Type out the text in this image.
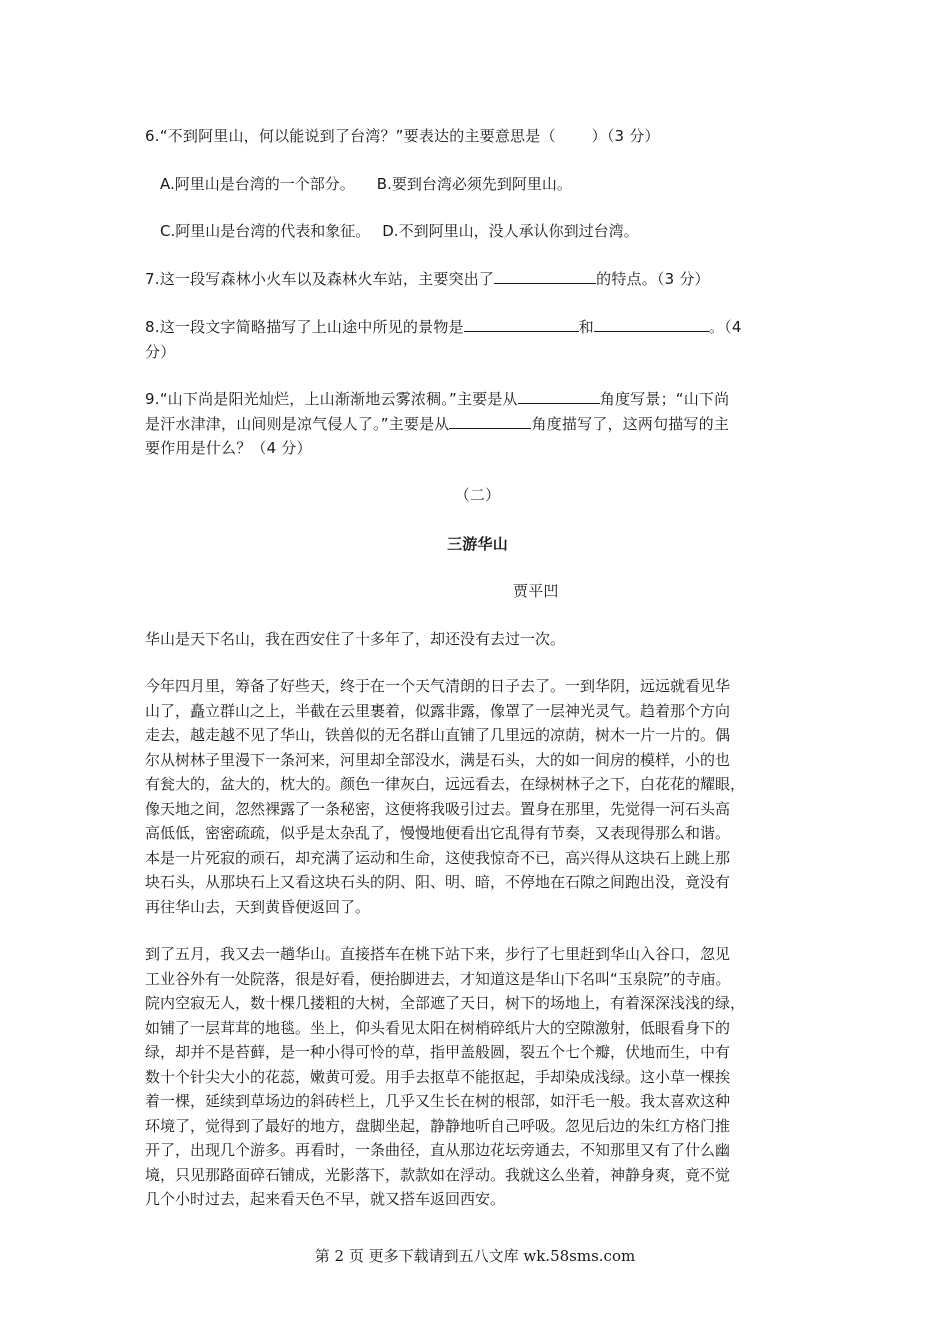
6.“不到阿里山，何以能说到了台湾？”要表达的主要意思是（ ）（3 分）

A.阿里山是台湾的一个部分。 B.要到台湾必须先到阿里山。
C.阿里山是台湾的代表和象征。 D.不到阿里山，没人承认你到过台湾。

7.这一段写森林小火车以及森林火车站，主要突出了	的特点。（3 分）

8.这一段文字简略描写了上山途中所见的景物是	和	。（4
分）

9.“山下尚是阳光灿烂，上山渐渐地云雾浓稠。”主要是从	角度写景；“山下尚
是汗水津津，山间则是凉气侵人了。”主要是从	角度描写了，这两句描写的主
要作用是什么？（4 分）

（二）
三游华山
贾平凹
华山是天下名山，我在西安住了十多年了，却还没有去过一次。
今年四月里，筹备了好些天，终于在一个天气清朗的日子去了。一到华阴，远远就看见华
山了，矗立群山之上，半截在云里裹着，似露非露，像罩了一层神光灵气。趋着那个方向
走去，越走越不见了华山，铁兽似的无名群山直铺了几里远的凉荫，树木一片一片的。偶
尔从树林子里漫下一条河来，河里却全部没水，满是石头，大的如一间房的模样，小的也
有瓮大的，盆大的，枕大的。颜色一律灰白，远远看去，在绿树林子之下，白花花的耀眼，
像天地之间，忽然裸露了一条秘密，这便将我吸引过去。置身在那里，先觉得一河石头高
高低低，密密疏疏，似乎是太杂乱了，慢慢地便看出它乱得有节奏，又表现得那么和谐。
本是一片死寂的顽石，却充满了运动和生命，这使我惊奇不已，高兴得从这块石上跳上那
块石头，从那块石上又看这块石头的阴、阳、明、暗，不停地在石隙之间跑出没，竟没有
再往华山去，天到黄昏便返回了。
到了五月，我又去一趟华山。直接搭车在桃下站下来，步行了七里赶到华山入谷口，忽见
工业谷外有一处院落，很是好看，便抬脚进去，才知道这是华山下名叫“玉泉院”的寺庙。
院内空寂无人，数十棵几搂粗的大树，全部遮了天日，树下的场地上，有着深深浅浅的绿，
如铺了一层茸茸的地毯。坐上，仰头看见太阳在树梢碎纸片大的空隙激射，低眼看身下的
绿，却并不是苔藓，是一种小得可怜的草，指甲盖般圆，裂五个七个瓣，伏地而生，中有
数十个针尖大小的花蕊，嫩黄可爱。用手去抠草不能抠起，手却染成浅绿。这小草一棵挨
着一棵，延续到草场边的斜砖栏上，几乎又生长在树的根部，如汗毛一般。我太喜欢这种
环境了，觉得到了最好的地方，盘脚坐起，静静地听自己呼吸。忽见后边的朱红方格门推
开了，出现几个游多。再看时，一条曲径，直从那边花坛旁通去，不知那里又有了什么幽
境，只见那路面碎石铺成，光影落下，款款如在浮动。我就这么坐着，神静身爽，竟不觉
几个小时过去，起来看天色不早，就又搭车返回西安。
第 2 页 更多下载请到五八文库 wk.58sms.com
